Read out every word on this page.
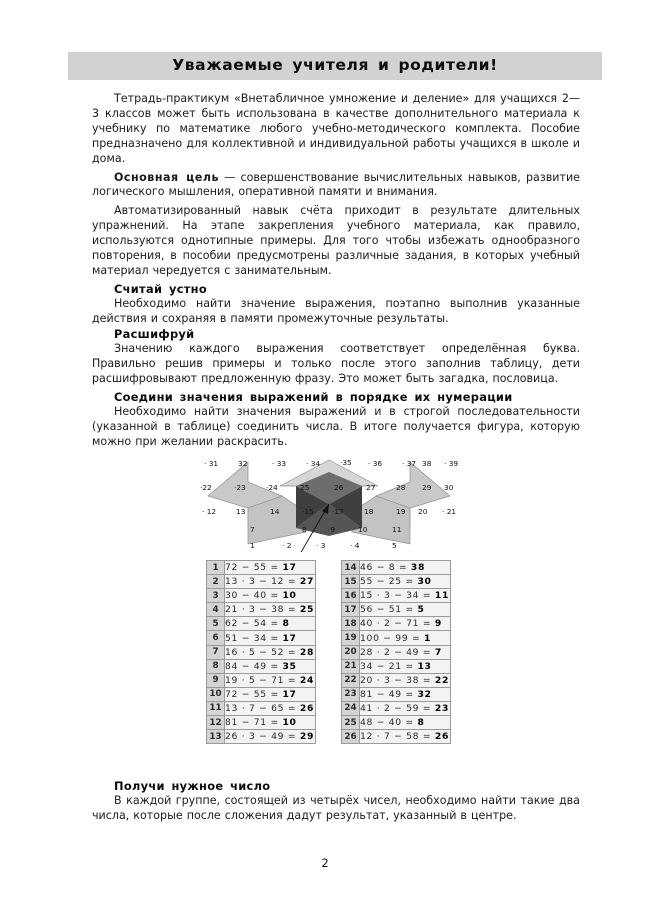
Уважаемые учителя и родители!

Тетрадь-практикум «Внетабличное умножение и деление» для учащихся 2—3 классов может быть использована в качестве дополнительного материала к учебнику по математике любого учебно-методического комплекта. Пособие предназначено для коллективной и индивидуальной работы учащихся в школе и дома.

Основная цель — совершенствование вычислительных навыков, развитие логического мышления, оперативной памяти и внимания.

Автоматизированный навык счёта приходит в результате длительных упражнений. На этапе закрепления учебного материала, как правило, используются однотипные примеры. Для того чтобы избежать однообразного повторения, в пособии предусмотрены различные задания, в которых учебный материал чередуется с занимательным.

Считай устно

Необходимо найти значение выражения, поэтапно выполнив указанные действия и сохраняя в памяти промежуточные результаты.

Расшифруй

Значению каждого выражения соответствует определённая буква. Правильно решив примеры и только после этого заполнив таблицу, дети расшифровывают предложенную фразу. Это может быть загадка, пословица.

Соедини значения выражений в порядке их нумерации

Необходимо найти значения выражений и в строгой последовательности (указанной в таблице) соединить числа. В итоге получается фигура, которую можно при желании раскрасить.

· 31	32	· 33	· 34	·35 · 36	· 37 38 · 39
·22	·23	·24	25	26	27	28 29 30
· 12	13	14	·15 ·17	18	19 20 · 21
7	8	·9	10	11
1	· 2	· 3	· 4	5
1	72 − 55 = 17
2	13 · 3 − 12 = 27
3	30 − 40 = 10
4	21 · 3 − 38 = 25
5	62 − 54 = 8
6	51 − 34 = 17
7	16 · 5 − 52 = 28
8	84 − 49 = 35
9	19 · 5 − 71 = 24
10	72 − 55 = 17
11	13 · 7 − 65 = 26
12	81 − 71 = 10
13	26 · 3 − 49 = 29
14	46 − 8 = 38
15	55 − 25 = 30
16	15 · 3 − 34 = 11
17	56 − 51 = 5
18	40 · 2 − 71 = 9
19	100 − 99 = 1
20	28 · 2 − 49 = 7
21	34 − 21 = 13
22	20 · 3 − 38 = 22
23	81 − 49 = 32
24	41 · 2 − 59 = 23
25	48 − 40 = 8
26	12 · 7 − 58 = 26
Получи нужное число

В каждой группе, состоящей из четырёх чисел, необходимо найти такие два числа, которые после сложения дадут результат, указанный в центре.

2
